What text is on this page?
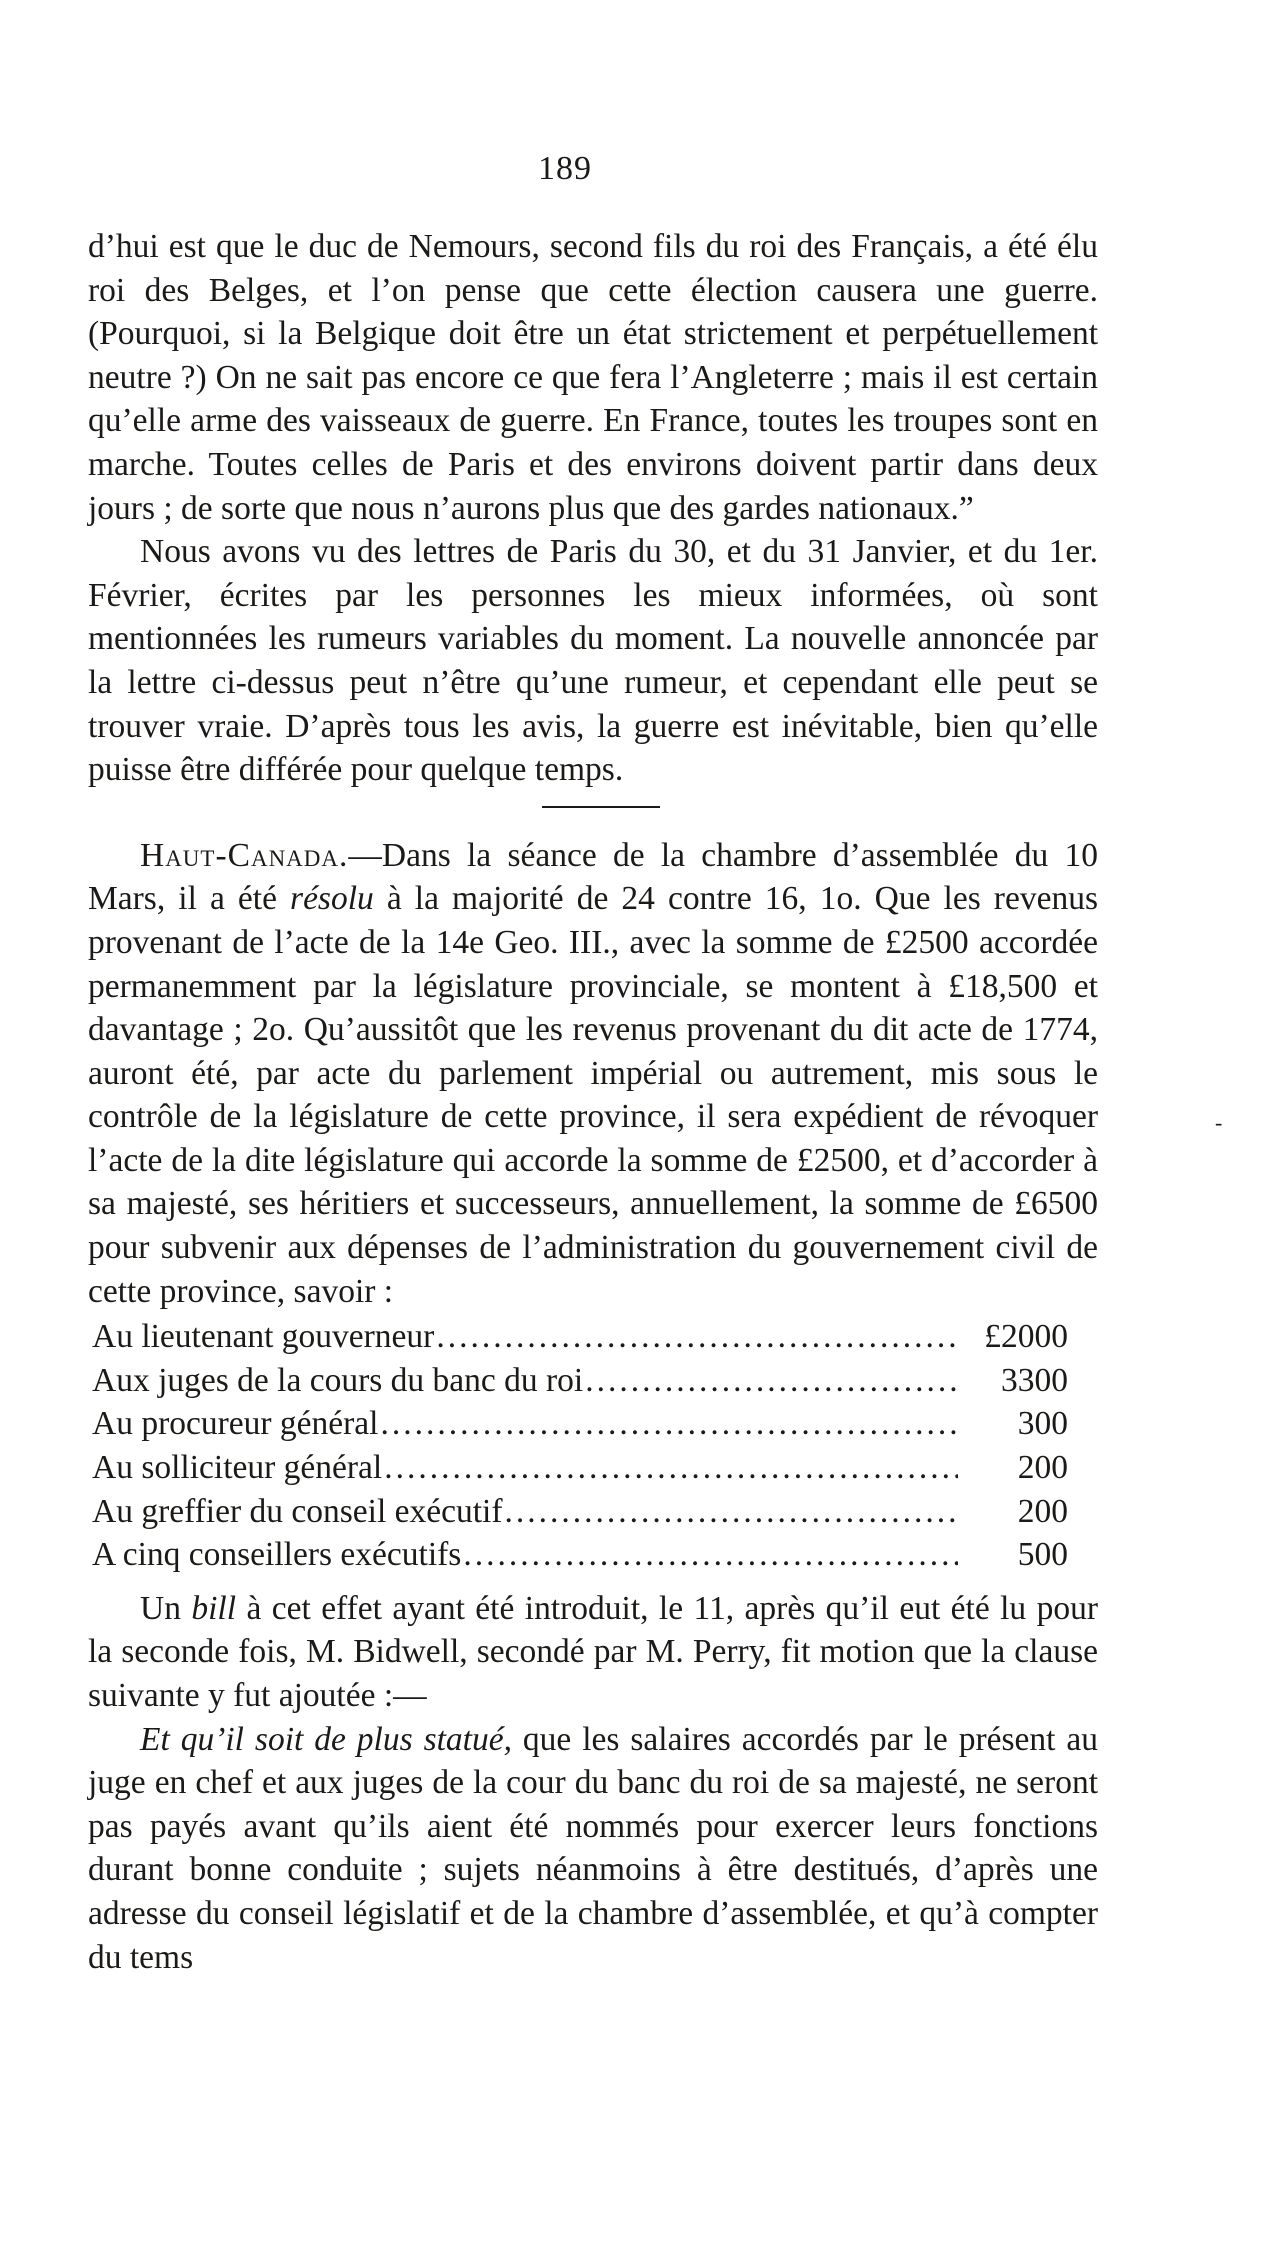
189

d’hui est que le duc de Nemours, second fils du roi des Français, a été élu roi des Belges, et l’on pense que cette élection causera une guerre. (Pourquoi, si la Belgique doit être un état strictement et perpétuellement neutre ?) On ne sait pas encore ce que fera l’Angleterre ; mais il est certain qu’elle arme des vaisseaux de guerre. En France, toutes les troupes sont en marche. Toutes celles de Paris et des environs doivent partir dans deux jours ; de sorte que nous n’aurons plus que des gardes nationaux.”

Nous avons vu des lettres de Paris du 30, et du 31 Janvier, et du 1er. Février, écrites par les personnes les mieux informées, où sont mentionnées les rumeurs variables du moment. La nouvelle annoncée par la lettre ci-dessus peut n’être qu’une rumeur, et cependant elle peut se trouver vraie. D’après tous les avis, la guerre est inévitable, bien qu’elle puisse être différée pour quelque temps.

Haut-Canada.—Dans la séance de la chambre d’assemblée du 10 Mars, il a été résolu à la majorité de 24 contre 16, 1o. Que les revenus provenant de l’acte de la 14e Geo. III., avec la somme de £2500 accordée permanemment par la législature provinciale, se montent à £18,500 et davantage ; 2o. Qu’aussitôt que les revenus provenant du dit acte de 1774, auront été, par acte du parlement impérial ou autrement, mis sous le contrôle de la législature de cette province, il sera expédient de révoquer l’acte de la dite législature qui accorde la somme de £2500, et d’accorder à sa majesté, ses héritiers et successeurs, annuellement, la somme de £6500 pour subvenir aux dépenses de l’administration du gouvernement civil de cette province, savoir :

Au lieutenant gouverneur .....	£2000
Aux juges de la cours du banc du roi .....	3300
Au procureur général .....	300
Au solliciteur général .....	200
Au greffier du conseil exécutif .....	200
A cinq conseillers exécutifs .....	500

Un bill à cet effet ayant été introduit, le 11, après qu’il eut été lu pour la seconde fois, M. Bidwell, secondé par M. Perry, fit motion que la clause suivante y fut ajoutée :—

Et qu’il soit de plus statué, que les salaires accordés par le présent au juge en chef et aux juges de la cour du banc du roi de sa majesté, ne seront pas payés avant qu’ils aient été nommés pour exercer leurs fonctions durant bonne conduite ; sujets néanmoins à être destitués, d’après une adresse du conseil législatif et de la chambre d’assemblée, et qu’à compter du tems

-
